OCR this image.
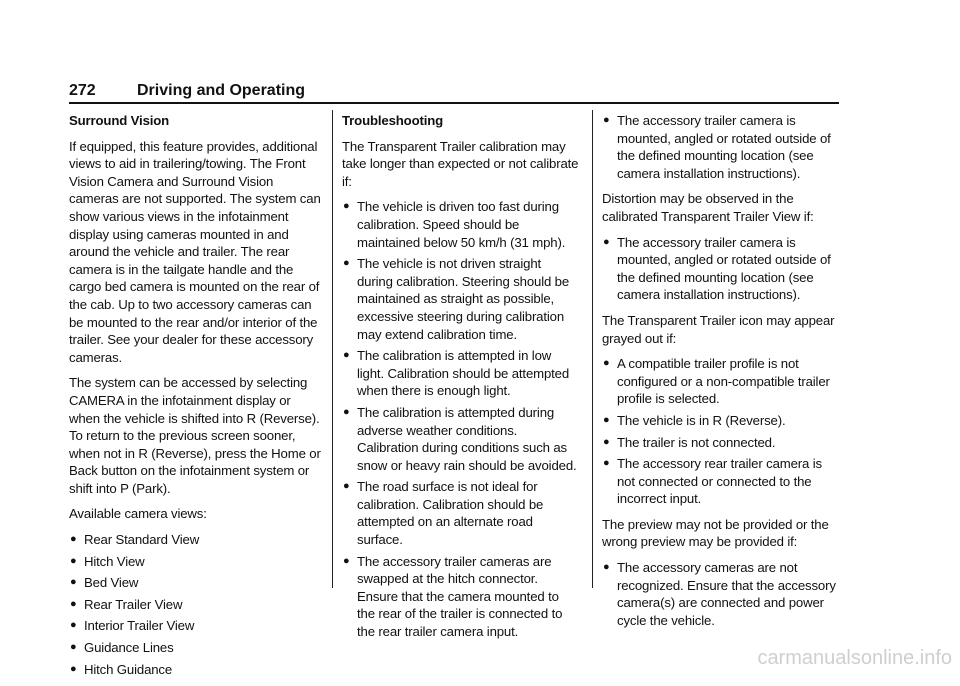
272	Driving and Operating
Surround Vision

If equipped, this feature provides, additional views to aid in trailering/towing. The Front Vision Camera and Surround Vision cameras are not supported. The system can show various views in the infotainment display using cameras mounted in and around the vehicle and trailer. The rear camera is in the tailgate handle and the cargo bed camera is mounted on the rear of the cab. Up to two accessory cameras can be mounted to the rear and/or interior of the trailer. See your dealer for these accessory cameras.

The system can be accessed by selecting CAMERA in the infotainment display or when the vehicle is shifted into R (Reverse). To return to the previous screen sooner, when not in R (Reverse), press the Home or Back button on the infotainment system or shift into P (Park).

Available camera views:

● Rear Standard View
● Hitch View
● Bed View
● Rear Trailer View
● Interior Trailer View
● Guidance Lines
● Hitch Guidance
Troubleshooting

The Transparent Trailer calibration may take longer than expected or not calibrate if:

● The vehicle is driven too fast during calibration. Speed should be maintained below 50 km/h (31 mph).
● The vehicle is not driven straight during calibration. Steering should be maintained as straight as possible, excessive steering during calibration may extend calibration time.
● The calibration is attempted in low light. Calibration should be attempted when there is enough light.
● The calibration is attempted during adverse weather conditions. Calibration during conditions such as snow or heavy rain should be avoided.
● The road surface is not ideal for calibration. Calibration should be attempted on an alternate road surface.
● The accessory trailer cameras are swapped at the hitch connector. Ensure that the camera mounted to the rear of the trailer is connected to the rear trailer camera input.
● The accessory trailer camera is mounted, angled or rotated outside of the defined mounting location (see camera installation instructions).

Distortion may be observed in the calibrated Transparent Trailer View if:

● The accessory trailer camera is mounted, angled or rotated outside of the defined mounting location (see camera installation instructions).

The Transparent Trailer icon may appear grayed out if:

● A compatible trailer profile is not configured or a non-compatible trailer profile is selected.
● The vehicle is in R (Reverse).
● The trailer is not connected.
● The accessory rear trailer camera is not connected or connected to the incorrect input.

The preview may not be provided or the wrong preview may be provided if:

● The accessory cameras are not recognized. Ensure that the accessory camera(s) are connected and power cycle the vehicle.
carmanualsonline.info
